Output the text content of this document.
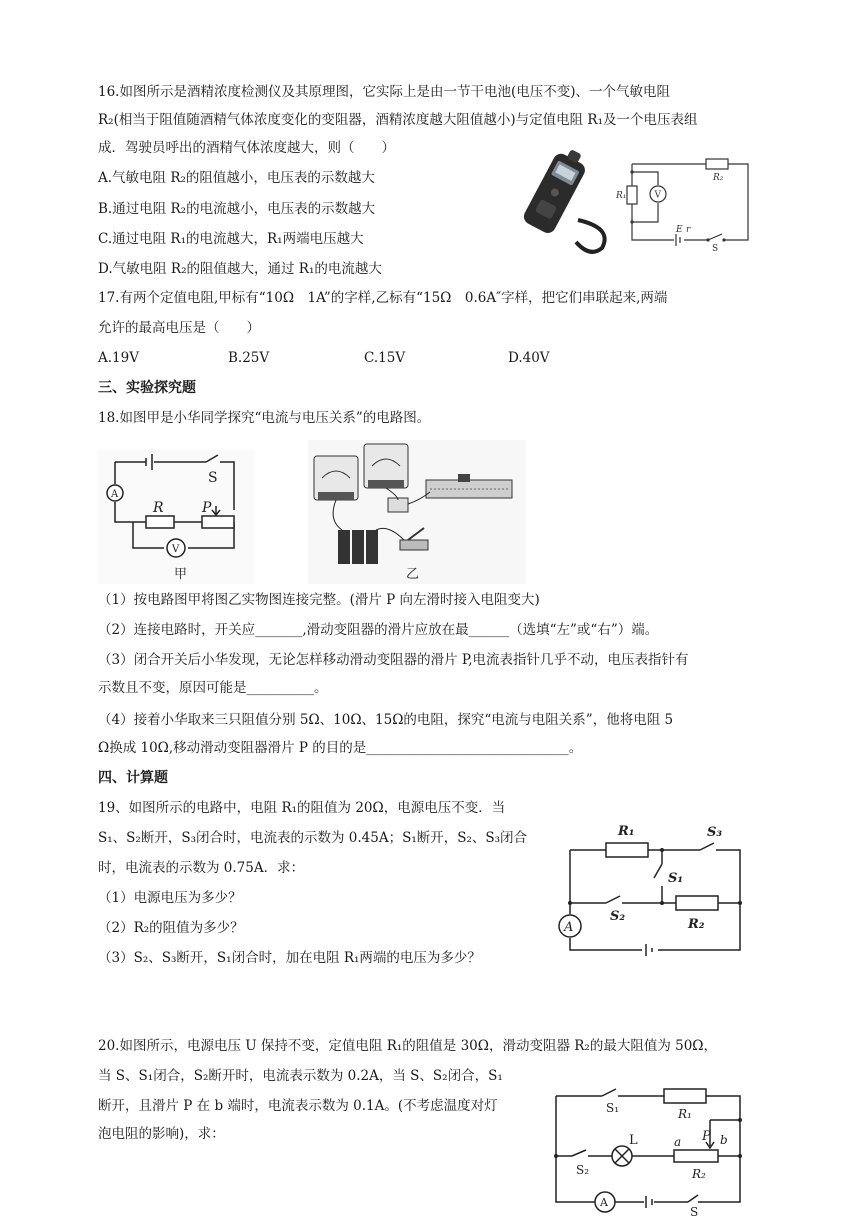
16.如图所示是酒精浓度检测仪及其原理图，它实际上是由一节干电池(电压不变)、一个气敏电阻
R₂(相当于阻值随酒精气体浓度变化的变阻器，酒精浓度越大阻值越小)与定值电阻 R₁及一个电压表组
成．驾驶员呼出的酒精气体浓度越大，则（　　）
A.气敏电阻 R₂的阻值越小，电压表的示数越大
B.通过电阻 R₂的电流越小，电压表的示数越大
C.通过电阻 R₁的电流越大，R₁两端电压越大
D.气敏电阻 R₂的阻值越大，通过 R₁的电流越大
R₂
R₁	V
E r
S
17.有两个定值电阻,甲标有“10Ω　1A”的字样,乙标有“15Ω　0.6A″字样，把它们串联起来,两端
允许的最高电压是（　　）
A.19V	B.25V	C.15V	D.40V
三、实验探究题
18.如图甲是小华同学探究“电流与电压关系”的电路图。
S
A
R	P
V
甲	乙
（1）按电路图甲将图乙实物图连接完整。(滑片 P 向左滑时接入电阻变大)
（2）连接电路时，开关应_______,滑动变阻器的滑片应放在最______（选填“左”或“右”）端。
（3）闭合开关后小华发现，无论怎样移动滑动变阻器的滑片 P,电流表指针几乎不动，电压表指针有
示数且不变，原因可能是__________。
（4）接着小华取来三只阻值分别 5Ω、10Ω、15Ω的电阻，探究“电流与电阻关系”，他将电阻 5
Ω换成 10Ω,移动滑动变阻器滑片 P 的目的是______________________________。
四、计算题
19、如图所示的电路中，电阻 R₁的阻值为 20Ω，电源电压不变．当
S₁、S₂断开，S₃闭合时，电流表的示数为 0.45A；S₁断开，S₂、S₃闭合
时，电流表的示数为 0.75A．求：
（1）电源电压为多少？
（2）R₂的阻值为多少？
（3）S₂、S₃断开，S₁闭合时，加在电阻 R₁两端的电压为多少？
R₁	S₃
S₁
S₂
R₂
A
20.如图所示，电源电压 U 保持不变，定值电阻 R₁的阻值是 30Ω，滑动变阻器 R₂的最大阻值为 50Ω，
当 S、S₁闭合，S₂断开时，电流表示数为 0.2A，当 S、S₂闭合，S₁
断开，且滑片 P 在 b 端时，电流表示数为 0.1A。(不考虑温度对灯
泡电阻的影响)，求：
S₁	R₁
P
L	a	b
S₂	R₂
A
S
